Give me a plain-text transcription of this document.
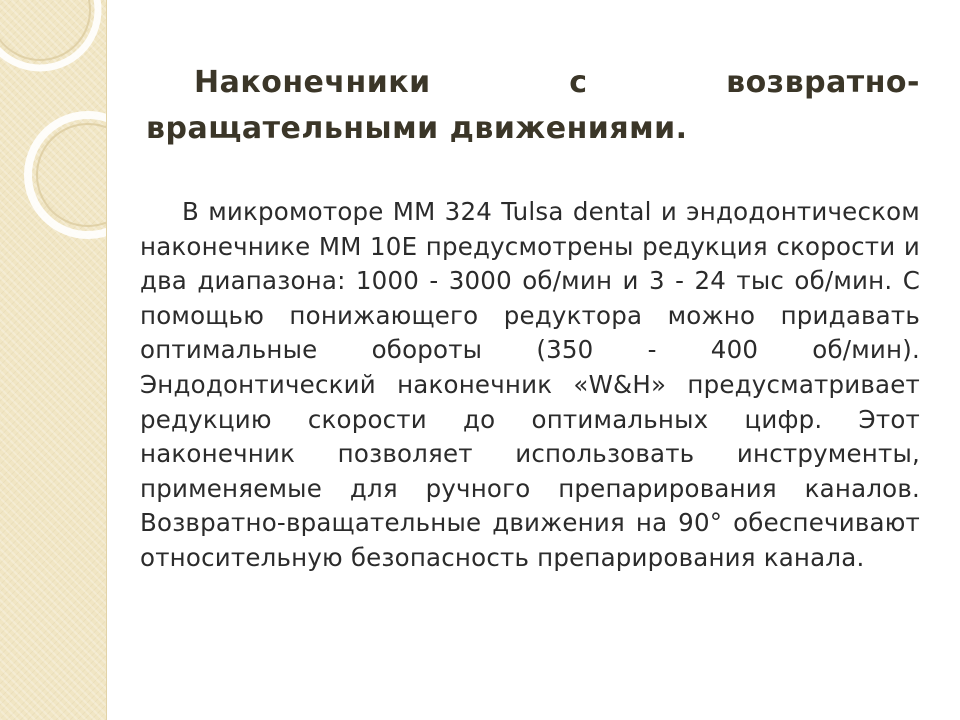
Наконечники	с	возвратно-
вращательными движениями.
В микромоторе ММ 324 Tulsa dental и эндодонтическом наконечнике ММ 10Е предусмотрены редукция скорости и два диапазона: 1000 - 3000 об/мин и 3 - 24 тыс об/мин. С помощью понижающего редуктора можно придавать оптимальные обороты (350 - 400 об/мин). Эндодонтический наконечник «W&H» предусматривает редукцию скорости до оптимальных цифр. Этот наконечник позволяет использовать инструменты, применяемые для ручного препарирования каналов. Возвратно-вращательные движения на 90° обеспечивают относительную безопасность препарирования канала.
